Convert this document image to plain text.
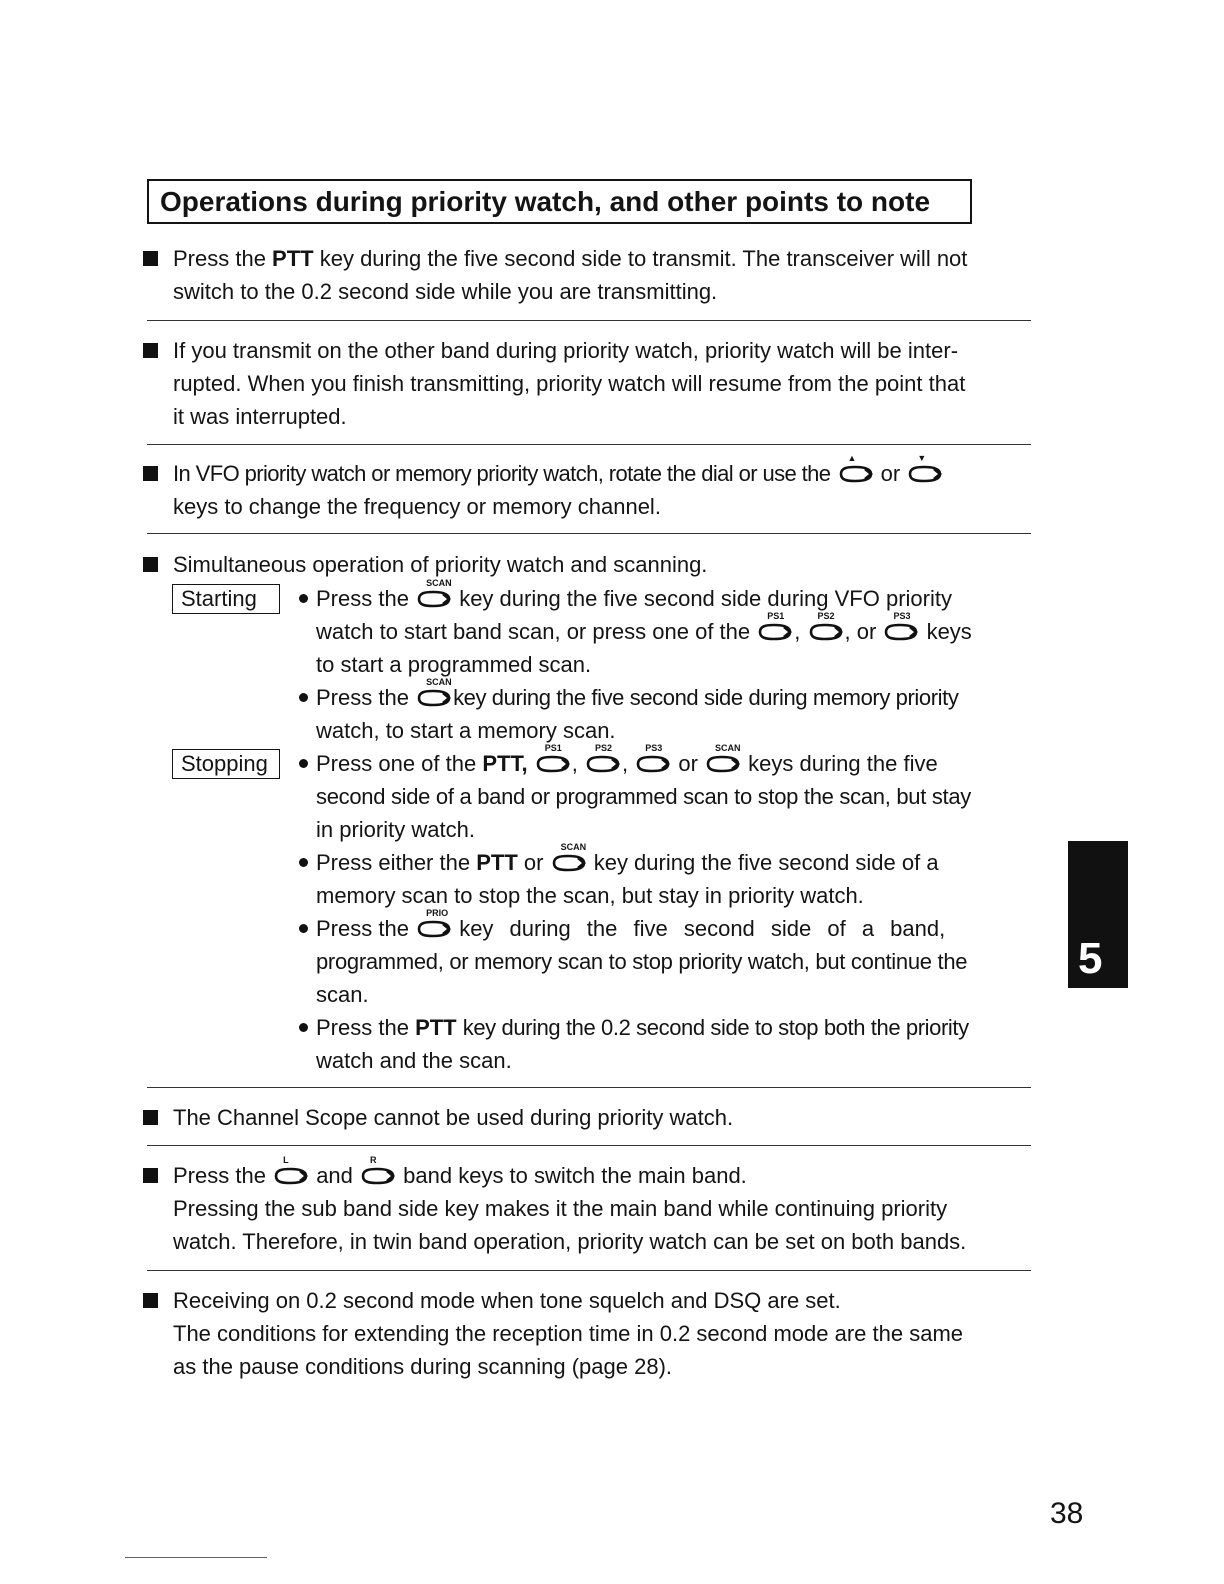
Operations during priority watch, and other points to note

Press the PTT key during the five second side to transmit. The transceiver will not

switch to the 0.2 second side while you are transmitting.

If you transmit on the other band during priority watch, priority watch will be inter-

rupted. When you finish transmitting, priority watch will resume from the point that

it was interrupted.

In VFO priority watch or memory priority watch, rotate the dial or use the
▲
or
▼

keys to change the frequency or memory channel.

Simultaneous operation of priority watch and scanning.

Starting	Press the
SCAN
key during the five second side during VFO priority

watch to start band scan, or press one of the
PS1
,
PS2
, or
PS3
keys

to start a programmed scan.

Press the
SCAN
key during the five second side during memory priority

watch, to start a memory scan.

Stopping	Press one of the PTT,
PS1
,
PS2
,
PS3
or
SCAN
keys during the five

second side of a band or programmed scan to stop the scan, but stay

in priority watch.

Press either the PTT or
SCAN
key during the five second side of a

memory scan to stop the scan, but stay in priority watch.

Press the
PRIO
key during the five second side of a band,

programmed, or memory scan to stop priority watch, but continue the

scan.

Press the PTT key during the 0.2 second side to stop both the priority

watch and the scan.

The Channel Scope cannot be used during priority watch.

Press the
L
and
R
band keys to switch the main band.

Pressing the sub band side key makes it the main band while continuing priority

watch. Therefore, in twin band operation, priority watch can be set on both bands.

Receiving on 0.2 second mode when tone squelch and DSQ are set.

The conditions for extending the reception time in 0.2 second mode are the same

as the pause conditions during scanning (page 28).

5
38
